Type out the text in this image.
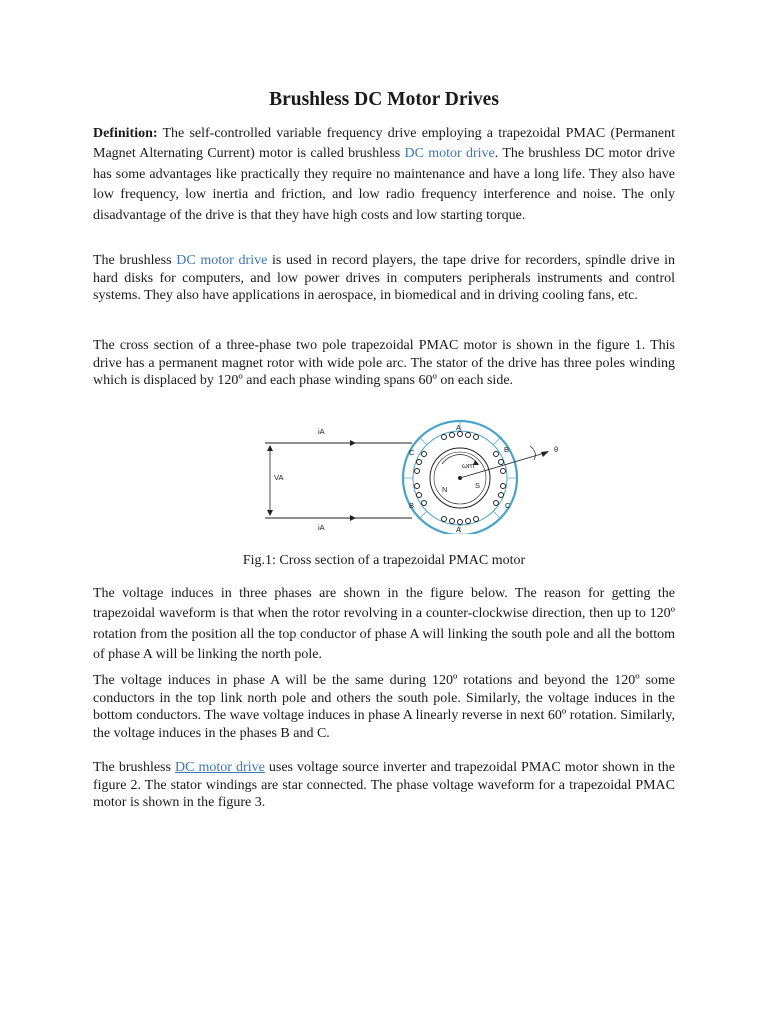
Brushless DC Motor Drives

Definition: The self-controlled variable frequency drive employing a trapezoidal PMAC (Permanent Magnet Alternating Current) motor is called brushless DC motor drive. The brushless DC motor drive has some advantages like practically they require no maintenance and have a long life. They also have low frequency, low inertia and friction, and low radio frequency interference and noise. The only disadvantage of the drive is that they have high costs and low starting torque.

The brushless DC motor drive is used in record players, the tape drive for recorders, spindle drive in hard disks for computers, and low power drives in computers peripherals instruments and control systems. They also have applications in aerospace, in biomedical and in driving cooling fans, etc.

The cross section of a three-phase two pole trapezoidal PMAC motor is shown in the figure 1. This drive has a permanent magnet rotor with wide pole arc. The stator of the drive has three poles winding which is displaced by 120º and each phase winding spans 60º on each side.

iA
iA
VA
ωm
N	S
θ
A
A
B
B
C
C

Fig.1: Cross section of a trapezoidal PMAC motor

The voltage induces in three phases are shown in the figure below. The reason for getting the trapezoidal waveform is that when the rotor revolving in a counter-clockwise direction, then up to 120º rotation from the position all the top conductor of phase A will linking the south pole and all the bottom of phase A will be linking the north pole.

The voltage induces in phase A will be the same during 120º rotations and beyond the 120º some conductors in the top link north pole and others the south pole. Similarly, the voltage induces in the bottom conductors. The wave voltage induces in phase A linearly reverse in next 60º rotation. Similarly, the voltage induces in the phases B and C.

The brushless DC motor drive uses voltage source inverter and trapezoidal PMAC motor shown in the figure 2. The stator windings are star connected. The phase voltage waveform for a trapezoidal PMAC motor is shown in the figure 3.
